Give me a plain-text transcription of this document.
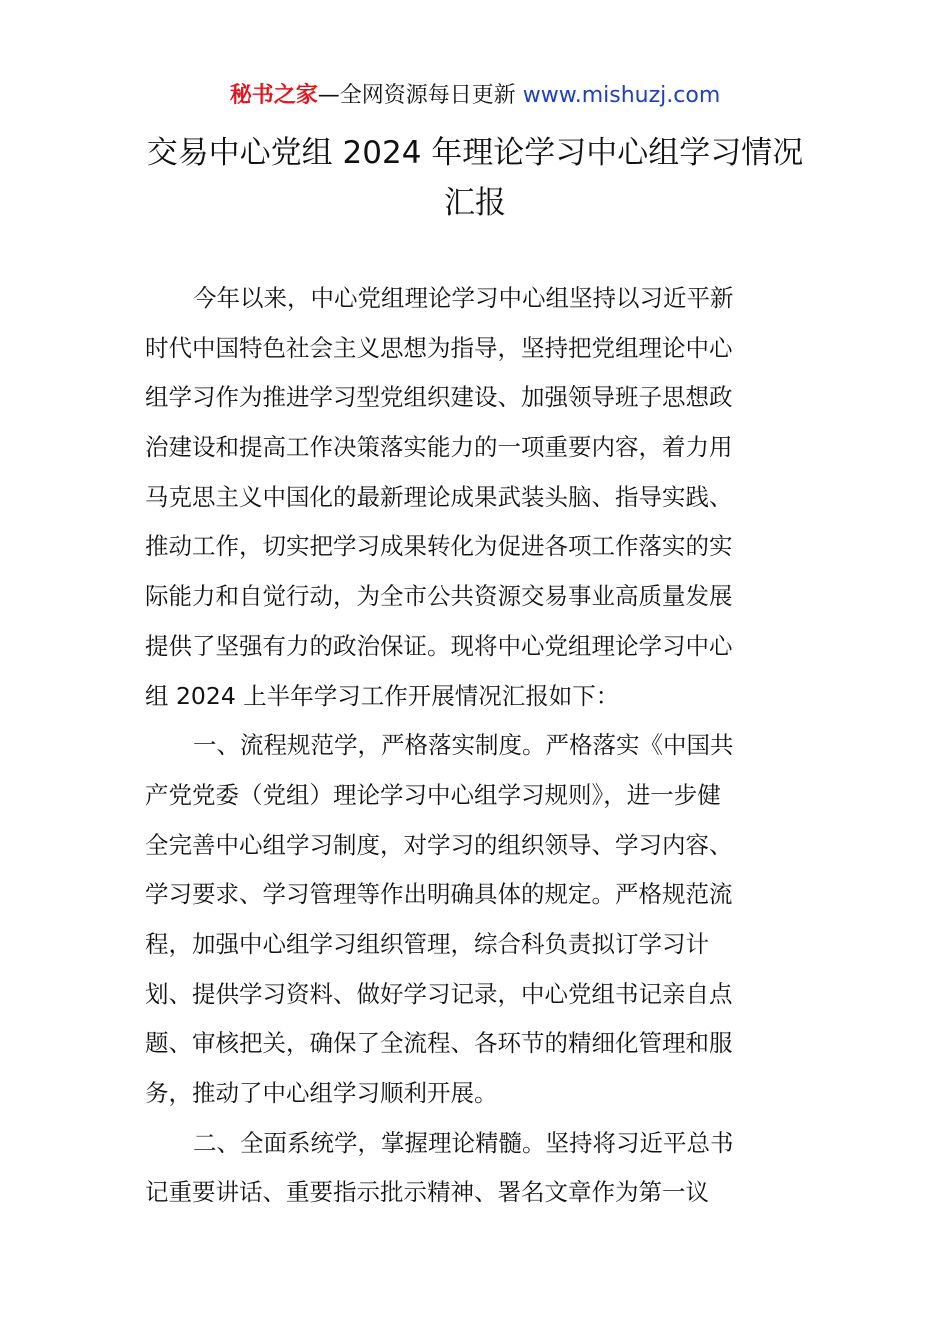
秘书之家—全网资源每日更新 www.mishuzj.com
交易中心党组 2024 年理论学习中心组学习情况
汇报
今年以来，中心党组理论学习中心组坚持以习近平新
时代中国特色社会主义思想为指导，坚持把党组理论中心
组学习作为推进学习型党组织建设、加强领导班子思想政
治建设和提高工作决策落实能力的一项重要内容，着力用
马克思主义中国化的最新理论成果武装头脑、指导实践、
推动工作，切实把学习成果转化为促进各项工作落实的实
际能力和自觉行动，为全市公共资源交易事业高质量发展
提供了坚强有力的政治保证。现将中心党组理论学习中心
组 2024 上半年学习工作开展情况汇报如下：
一、流程规范学，严格落实制度。严格落实《中国共
产党党委（党组）理论学习中心组学习规则》，进一步健
全完善中心组学习制度，对学习的组织领导、学习内容、
学习要求、学习管理等作出明确具体的规定。严格规范流
程，加强中心组学习组织管理，综合科负责拟订学习计
划、提供学习资料、做好学习记录，中心党组书记亲自点
题、审核把关，确保了全流程、各环节的精细化管理和服
务，推动了中心组学习顺利开展。
二、全面系统学，掌握理论精髓。坚持将习近平总书
记重要讲话、重要指示批示精神、署名文章作为第一议
